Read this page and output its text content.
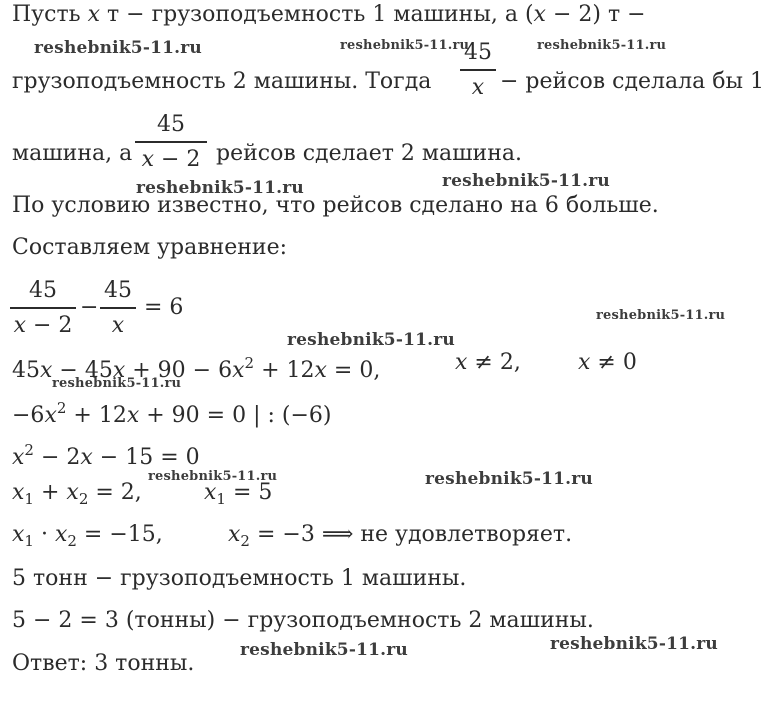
Пусть x т − грузоподъемность 1 машины, а (x − 2) т −
грузоподъемность 2 машины. Тогда
45
x − рейсов сделала бы 1
машина, а
45
x − 2 рейсов сделает 2 машина.
По условию известно, что рейсов сделано на 6 больше.
Составляем уравнение:
45
x − 2
−
45
x
= 6
$45x - 45x + 90 - 6x^2 + 12x = 0$,	x ≠ 2,	x ≠ 0
$-6x^2 + 12x + 90 = 0$ | : (−6)
$x^2 - 2x - 15 = 0$
$x_1 + x_2 = 2$,	$x_1 = 5$
$x_1 \cdot x_2 = -15$,	$x_2 = -3$ ⟹ не удовлетворяет.
5 тонн − грузоподъемность 1 машины.
5 − 2 = 3 (тонны) − грузоподъемность 2 машины.
Ответ: 3 тонны.
reshebnik5-11.ru	reshebnik5-11.ru	reshebnik5-11.ru
reshebnik5-11.ru	reshebnik5-11.ru
reshebnik5-11.ru
reshebnik5-11.ru
reshebnik5-11.ru
reshebnik5-11.ru	reshebnik5-11.ru
reshebnik5-11.ru	reshebnik5-11.ru
